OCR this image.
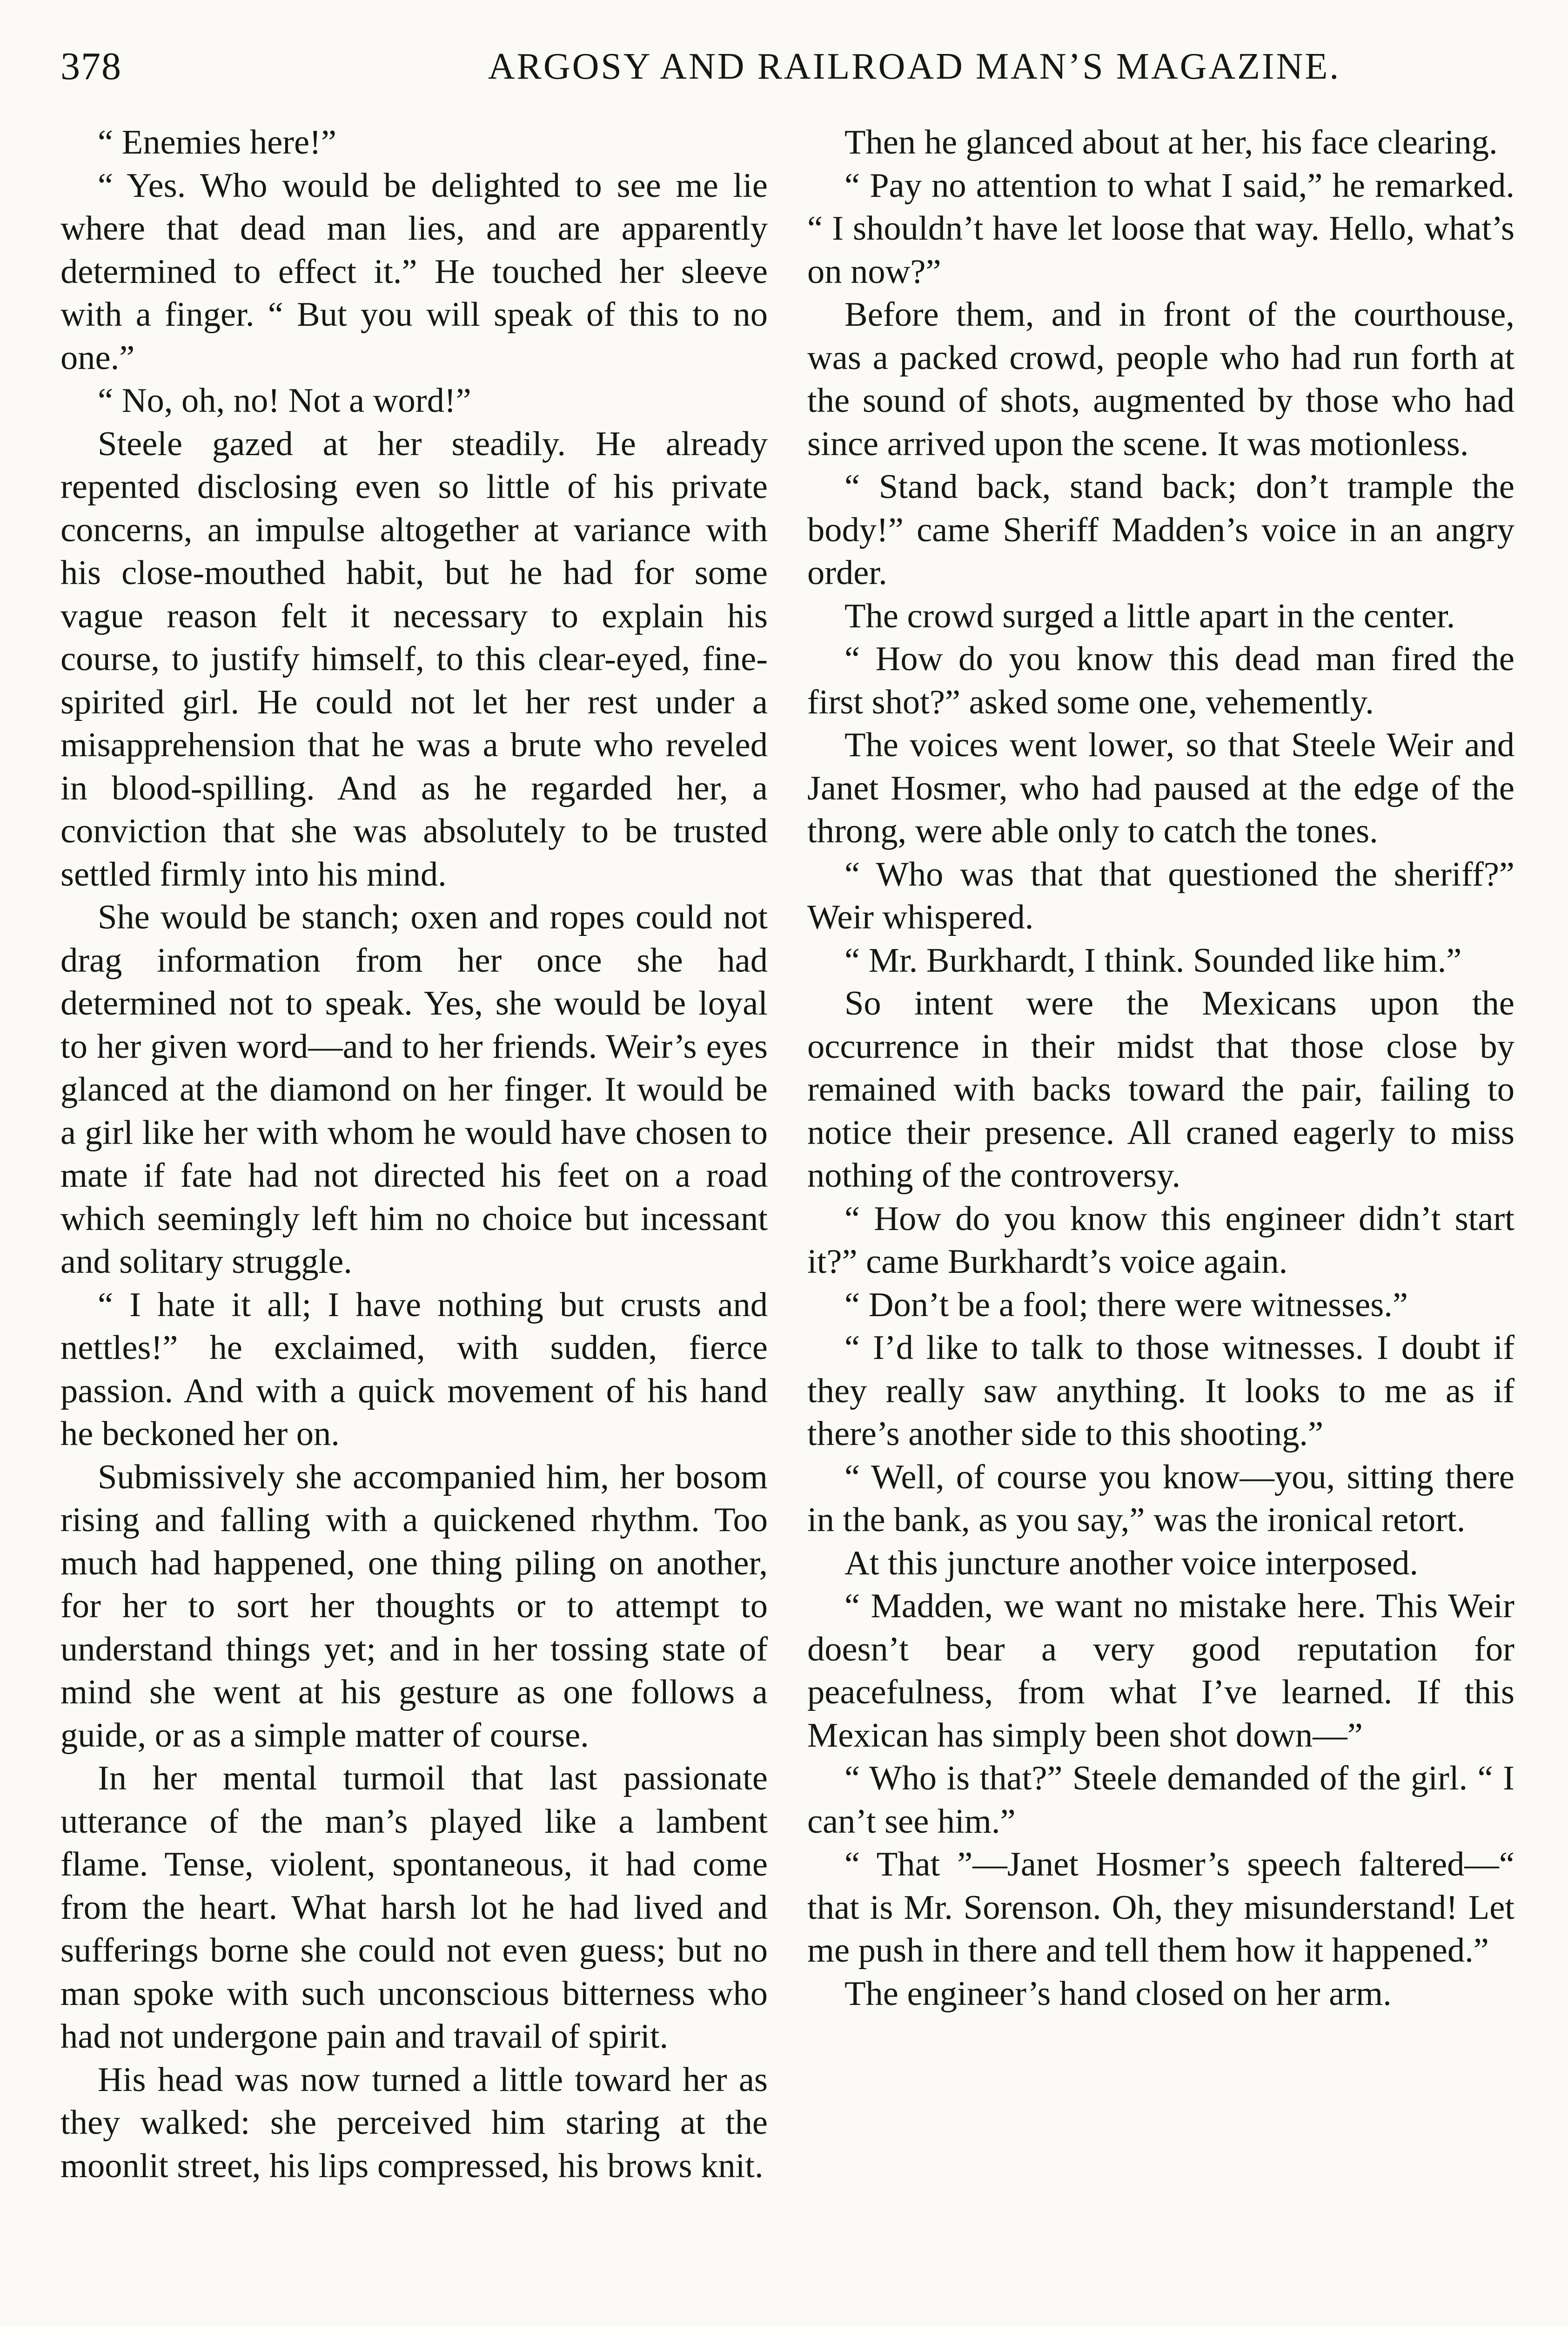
378	ARGOSY AND RAILROAD MAN’S MAGAZINE.

“ Enemies here!”

“ Yes. Who would be delighted to see me lie where that dead man lies, and are apparently determined to effect it.” He touched her sleeve with a finger. “ But you will speak of this to no one.”

“ No, oh, no! Not a word!”

Steele gazed at her steadily. He already repented disclosing even so little of his private concerns, an impulse altogether at variance with his close-mouthed habit, but he had for some vague reason felt it necessary to explain his course, to justify himself, to this clear-eyed, fine-spirited girl. He could not let her rest under a misapprehension that he was a brute who reveled in blood-spilling. And as he regarded her, a conviction that she was absolutely to be trusted settled firmly into his mind.

She would be stanch; oxen and ropes could not drag information from her once she had determined not to speak. Yes, she would be loyal to her given word—and to her friends. Weir’s eyes glanced at the diamond on her finger. It would be a girl like her with whom he would have chosen to mate if fate had not directed his feet on a road which seemingly left him no choice but incessant and solitary struggle.

“ I hate it all; I have nothing but crusts and nettles!” he exclaimed, with sudden, fierce passion. And with a quick movement of his hand he beckoned her on.

Submissively she accompanied him, her bosom rising and falling with a quickened rhythm. Too much had happened, one thing piling on another, for her to sort her thoughts or to attempt to understand things yet; and in her tossing state of mind she went at his gesture as one follows a guide, or as a simple matter of course.

In her mental turmoil that last passionate utterance of the man’s played like a lambent flame. Tense, violent, spontaneous, it had come from the heart. What harsh lot he had lived and sufferings borne she could not even guess; but no man spoke with such unconscious bitterness who had not undergone pain and travail of spirit.

His head was now turned a little toward her as they walked: she perceived him staring at the moonlit street, his lips compressed, his brows knit.

Then he glanced about at her, his face clearing.

“ Pay no attention to what I said,” he remarked. “ I shouldn’t have let loose that way. Hello, what’s on now?”

Before them, and in front of the courthouse, was a packed crowd, people who had run forth at the sound of shots, augmented by those who had since arrived upon the scene. It was motionless.

“ Stand back, stand back; don’t trample the body!” came Sheriff Madden’s voice in an angry order.

The crowd surged a little apart in the center.

“ How do you know this dead man fired the first shot?” asked some one, vehemently.

The voices went lower, so that Steele Weir and Janet Hosmer, who had paused at the edge of the throng, were able only to catch the tones.

“ Who was that that questioned the sheriff?” Weir whispered.

“ Mr. Burkhardt, I think. Sounded like him.”

So intent were the Mexicans upon the occurrence in their midst that those close by remained with backs toward the pair, failing to notice their presence. All craned eagerly to miss nothing of the controversy.

“ How do you know this engineer didn’t start it?” came Burkhardt’s voice again.

“ Don’t be a fool; there were witnesses.”

“ I’d like to talk to those witnesses. I doubt if they really saw anything. It looks to me as if there’s another side to this shooting.”

“ Well, of course you know—you, sitting there in the bank, as you say,” was the ironical retort.

At this juncture another voice interposed.

“ Madden, we want no mistake here. This Weir doesn’t bear a very good reputation for peacefulness, from what I’ve learned. If this Mexican has simply been shot down—”

“ Who is that?” Steele demanded of the girl. “ I can’t see him.”

“ That ”—Janet Hosmer’s speech faltered—“ that is Mr. Sorenson. Oh, they misunderstand! Let me push in there and tell them how it happened.”

The engineer’s hand closed on her arm.
